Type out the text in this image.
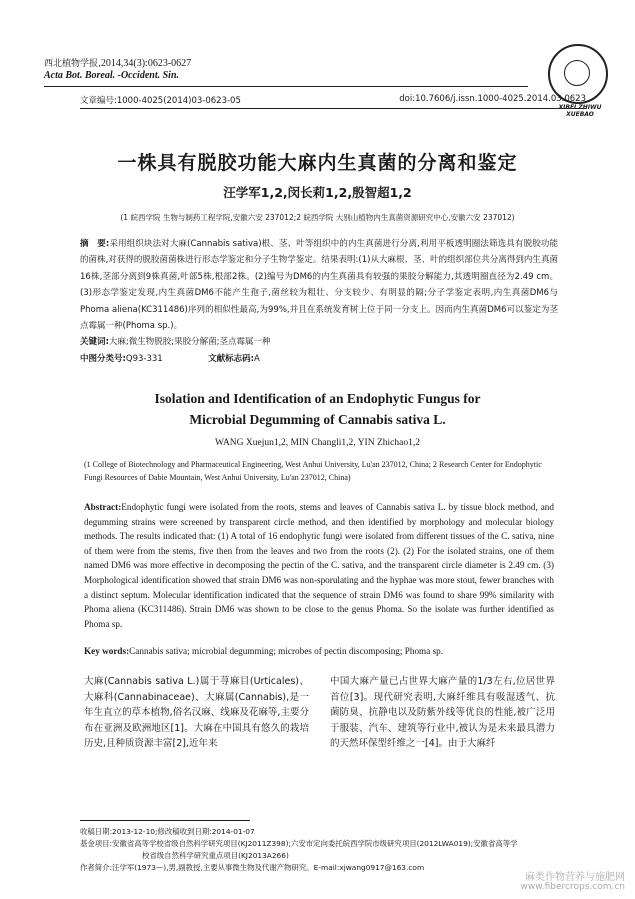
西北植物学报,2014,34(3):0623-0627
Acta Bot. Boreal. -Occident. Sin.
XIBEI ZHIWU XUEBAO
文章编号:1000-4025(2014)03-0623-05	doi:10.7606/j.issn.1000-4025.2014.03.0623
一株具有脱胶功能大麻内生真菌的分离和鉴定
汪学军1,2,闵长莉1,2,殷智超1,2
(1 皖西学院 生物与制药工程学院,安徽六安 237012;2 皖西学院 大别山植物内生真菌资源研究中心,安徽六安 237012)
摘　要:采用组织块法对大麻(Cannabis sativa)根、茎、叶等组织中的内生真菌进行分离,利用平板透明圈法筛选具有脱胶功能的菌株,对获得的脱胶菌菌株进行形态学鉴定和分子生物学鉴定。结果表明:(1)从大麻根、茎、叶的组织部位共分离得到内生真菌16株,茎部分离到9株真菌,叶部5株,根部2株。(2)编号为DM6的内生真菌具有较强的果胶分解能力,其透明圈直径为2.49 cm。(3)形态学鉴定发现,内生真菌DM6不能产生孢子,菌丝较为粗壮、分支较少、有明显的隔;分子学鉴定表明,内生真菌DM6与Phoma aliena(KC311486)序列的相似性最高,为99%,并且在系统发育树上位于同一分支上。因而内生真菌DM6可以鉴定为茎点霉属一种(Phoma sp.)。
关键词:大麻;微生物脱胶;果胶分解菌;茎点霉属一种
中图分类号:Q93-331	文献标志码:A
Isolation and Identification of an Endophytic Fungus for
Microbial Degumming of Cannabis sativa L.
WANG Xuejun1,2, MIN Changli1,2, YIN Zhichao1,2
(1 College of Biotechnology and Pharmaceutical Engineering, West Anhui University, Lu'an 237012, China; 2 Research Center for Endophytic Fungi Resources of Dabie Mountain, West Anhui University, Lu'an 237012, China)
Abstract:Endophytic fungi were isolated from the roots, stems and leaves of Cannabis sativa L. by tissue block method, and degumming strains were screened by transparent circle method, and then identified by morphology and molecular biology methods. The results indicated that: (1) A total of 16 endophytic fungi were isolated from different tissues of the C. sativa, nine of them were from the stems, five then from the leaves and two from the roots (2). (2) For the isolated strains, one of them named DM6 was more effective in decomposing the pectin of the C. sativa, and the transparent circle diameter is 2.49 cm. (3) Morphological identification showed that strain DM6 was non-sporulating and the hyphae was more stout, fewer branches with a distinct septum. Molecular identification indicated that the sequence of strain DM6 was found to share 99% similarity with Phoma aliena (KC311486). Strain DM6 was shown to be close to the genus Phoma. So the isolate was further identified as Phoma sp.
Key words:Cannabis sativa; microbial degumming; microbes of pectin discomposing; Phoma sp.
大麻(Cannabis sativa L.)属于荨麻目(Urticales)、大麻科(Cannabinaceae)、大麻属(Cannabis),是一年生直立的草本植物,俗名汉麻、线麻及花麻等,主要分布在亚洲及欧洲地区[1]。大麻在中国具有悠久的栽培历史,且种质资源丰富[2],近年来
中国大麻产量已占世界大麻产量的1/3左右,位居世界首位[3]。现代研究表明,大麻纤维具有吸湿透气、抗菌防臭、抗静电以及防紫外线等优良的性能,被广泛用于服装、汽车、建筑等行业中,被认为是未来最具潜力的天然环保型纤维之一[4]。由于大麻纤
收稿日期:2013-12-10;修改稿收到日期:2014-01-07
基金项目:安徽省高等学校省级自然科学研究项目(KJ2011Z398);六安市定向委托皖西学院市级研究项目(2012LWA019);安徽省高等学
校省级自然科学研究重点项目(KJ2013A266)
作者简介:汪学军(1973—),男,副教授,主要从事微生物及代谢产物研究。E-mail:xjwang0917@163.com
麻类作物营养与施肥网
www.fibercrops.com.cn
